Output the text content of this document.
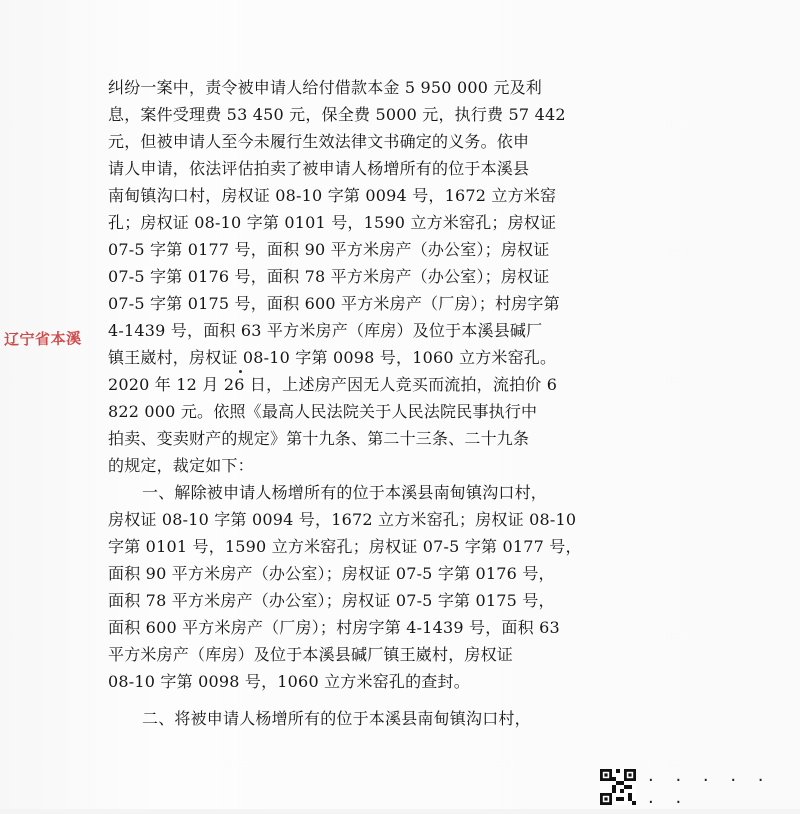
辽宁省本溪
纠纷一案中，责令被申请人给付借款本金 5 950 000 元及利
息，案件受理费 53 450 元，保全费 5000 元，执行费 57 442
元，但被申请人至今未履行生效法律文书确定的义务。依申
请人申请，依法评估拍卖了被申请人杨增所有的位于本溪县
南甸镇沟口村，房权证 08-10 字第 0094 号，1672 立方米窑
孔；房权证 08-10 字第 0101 号，1590 立方米窑孔；房权证
07-5 字第 0177 号，面积 90 平方米房产（办公室）；房权证
07-5 字第 0176 号，面积 78 平方米房产（办公室）；房权证
07-5 字第 0175 号，面积 600 平方米房产（厂房）；村房字第
4-1439 号，面积 63 平方米房产（库房）及位于本溪县碱厂
镇王崴村，房权证 08-10 字第 0098 号，1060 立方米窑孔。
2020 年 12 月 26 日，上述房产因无人竞买而流拍，流拍价 6
822 000 元。依照《最高人民法院关于人民法院民事执行中
拍卖、变卖财产的规定》第十九条、第二十三条、二十九条
的规定，裁定如下：
一、解除被申请人杨增所有的位于本溪县南甸镇沟口村，
房权证 08-10 字第 0094 号，1672 立方米窑孔；房权证 08-10
字第 0101 号，1590 立方米窑孔；房权证 07-5 字第 0177 号，
面积 90 平方米房产（办公室）；房权证 07-5 字第 0176 号，
面积 78 平方米房产（办公室）；房权证 07-5 字第 0175 号，
面积 600 平方米房产（厂房）；村房字第 4-1439 号，面积 63
平方米房产（库房）及位于本溪县碱厂镇王崴村，房权证
08-10 字第 0098 号，1060 立方米窑孔的查封。
二、将被申请人杨增所有的位于本溪县南甸镇沟口村，
· · · · · · ·
